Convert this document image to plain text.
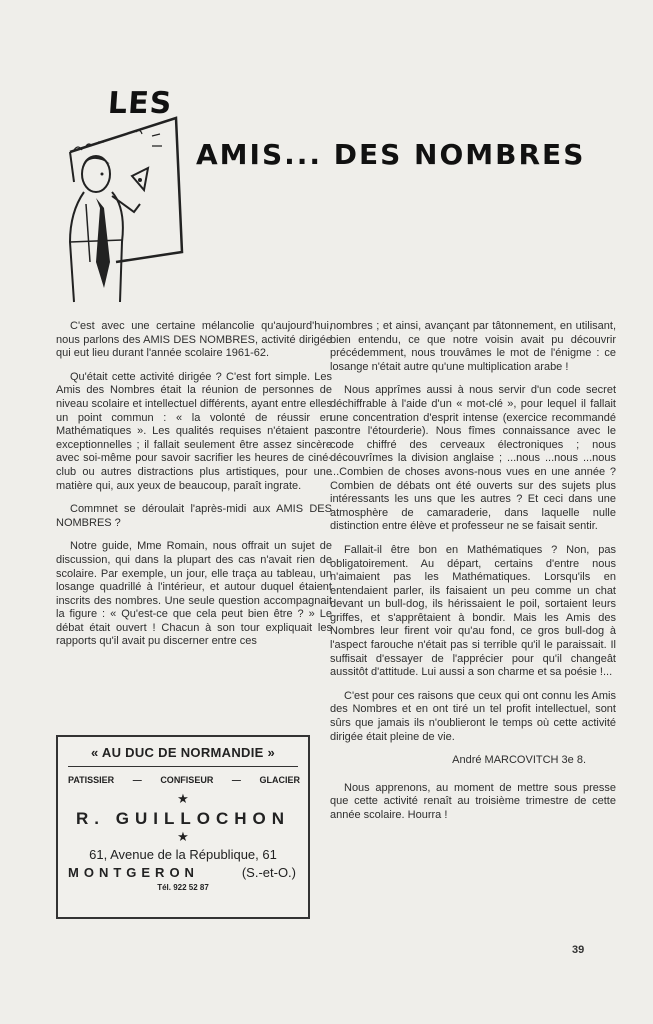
LES
AMIS... DES NOMBRES

C'est avec une certaine mélancolie qu'aujourd'hui, nous parlons des AMIS DES NOMBRES, activité dirigée qui eut lieu durant l'année scolaire 1961-62.

Qu'était cette activité dirigée ? C'est fort simple. Les Amis des Nombres était la réunion de personnes de niveau scolaire et intellectuel différents, ayant entre elles un point commun : « la volonté de réussir en Mathématiques ». Les qualités requises n'étaient pas exceptionnelles ; il fallait seulement être assez sincère avec soi-même pour savoir sacrifier les heures de ciné-club ou autres distractions plus artistiques, pour une matière qui, aux yeux de beaucoup, paraît ingrate.

Commnet se déroulait l'après-midi aux AMIS DES NOMBRES ?

Notre guide, Mme Romain, nous offrait un sujet de discussion, qui dans la plupart des cas n'avait rien de scolaire. Par exemple, un jour, elle traça au tableau, un losange quadrillé à l'intérieur, et autour duquel étaient inscrits des nombres. Une seule question accompagnait la figure : « Qu'est-ce que cela peut bien être ? » Le débat était ouvert ! Chacun à son tour expliquait les rapports qu'il avait pu discerner entre ces

nombres ; et ainsi, avançant par tâtonnement, en utilisant, bien entendu, ce que notre voisin avait pu découvrir précédemment, nous trouvâmes le mot de l'énigme : ce losange n'était autre qu'une multiplication arabe !

Nous apprîmes aussi à nous servir d'un code secret déchiffrable à l'aide d'un « mot-clé », pour lequel il fallait une concentration d'esprit intense (exercice recommandé contre l'étourderie). Nous fîmes connaissance avec le code chiffré des cerveaux électroniques ; nous découvrîmes la division anglaise ; ...nous ...nous ...nous ...Combien de choses avons-nous vues en une année ? Combien de débats ont été ouverts sur des sujets plus intéressants les uns que les autres ? Et ceci dans une atmosphère de camaraderie, dans laquelle nulle distinction entre élève et professeur ne se faisait sentir.

Fallait-il être bon en Mathématiques ? Non, pas obligatoirement. Au départ, certains d'entre nous n'aimaient pas les Mathématiques. Lorsqu'ils en entendaient parler, ils faisaient un peu comme un chat devant un bull-dog, ils hérissaient le poil, sortaient leurs griffes, et s'apprêtaient à bondir. Mais les Amis des Nombres leur firent voir qu'au fond, ce gros bull-dog à l'aspect farouche n'était pas si terrible qu'il le paraissait. Il suffisait d'essayer de l'apprécier pour qu'il changeât aussitôt d'attitude. Lui aussi a son charme et sa poésie !...

C'est pour ces raisons que ceux qui ont connu les Amis des Nombres et en ont tiré un tel profit intellectuel, sont sûrs que jamais ils n'oublieront le temps où cette activité dirigée était pleine de vie.

André MARCOVITCH 3e 8.

Nous apprenons, au moment de mettre sous presse que cette activité renaît au troisième trimestre de cette année scolaire. Hourra !

« AU DUC DE NORMANDIE »
PATISSIER — CONFISEUR — GLACIER
★
R. GUILLOCHON
★
61, Avenue de la République, 61
MONTGERON	(S.-et-O.)
Tél. 922 52 87
39
